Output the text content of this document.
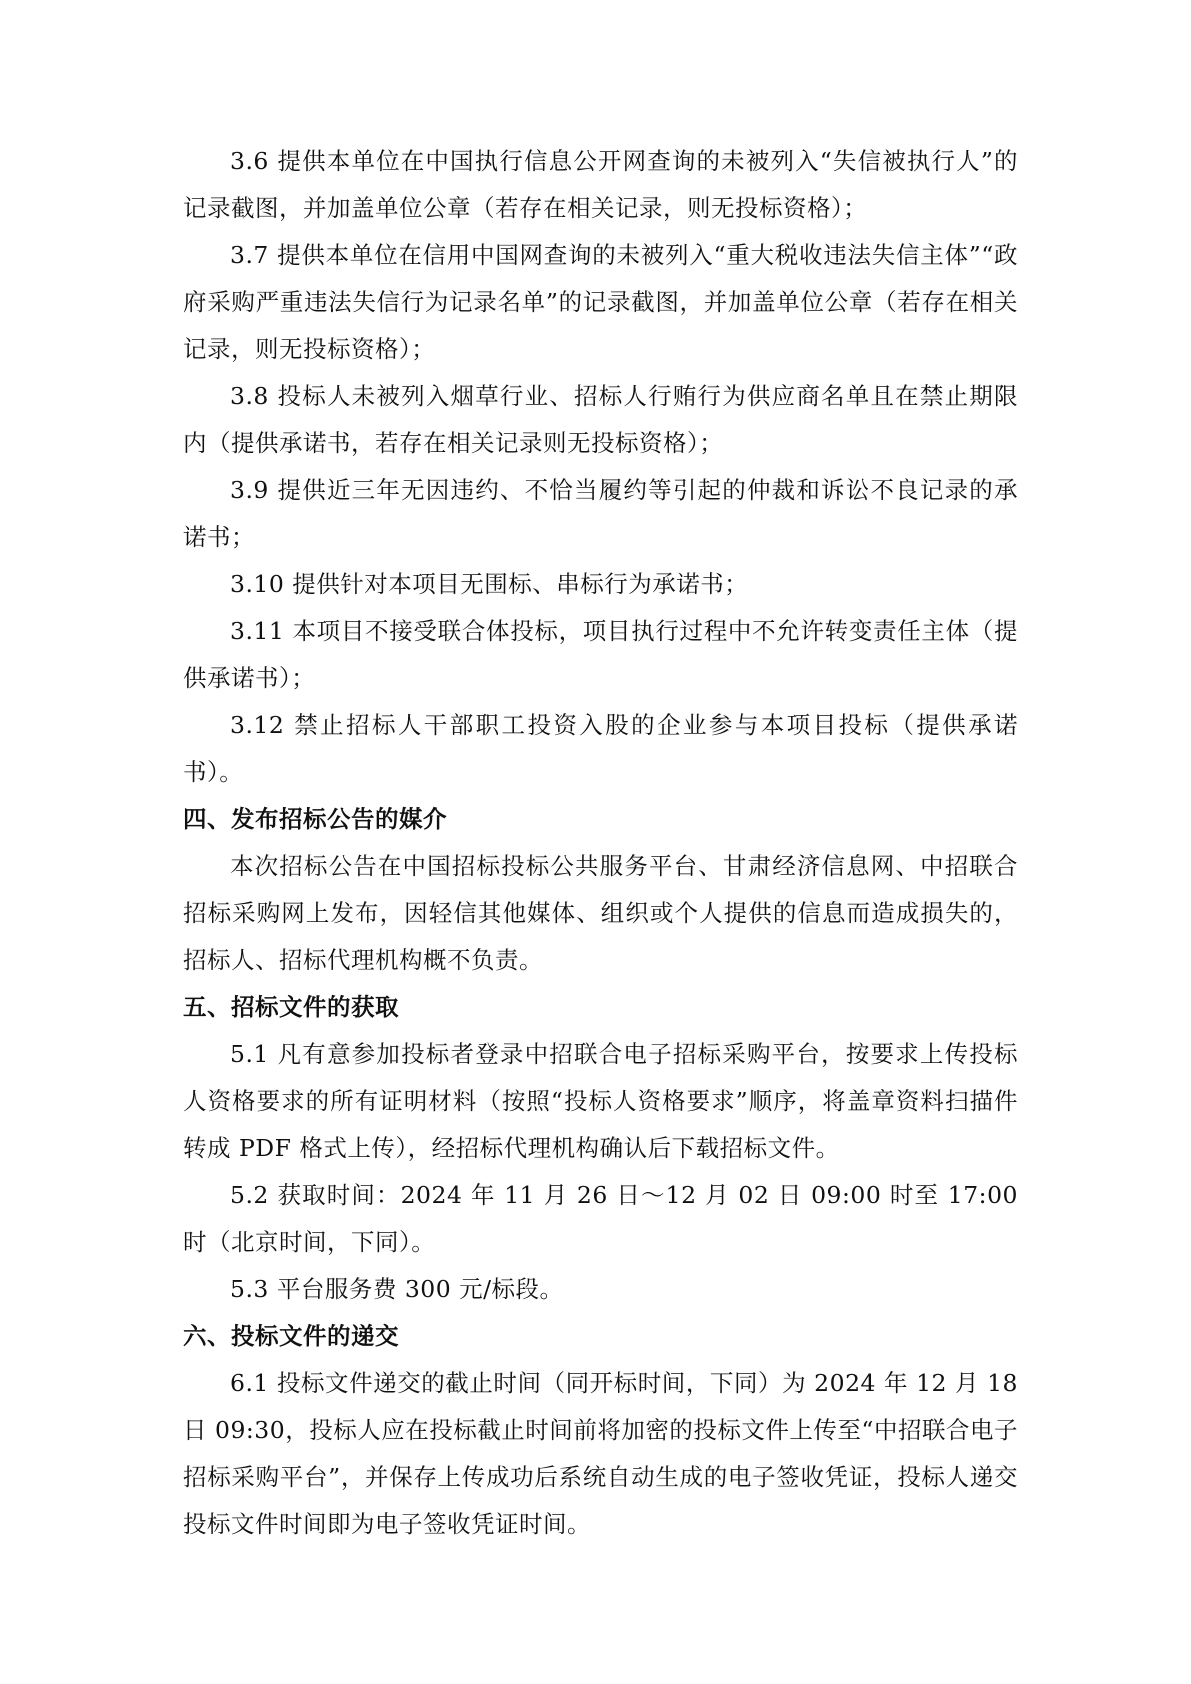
3.6 提供本单位在中国执行信息公开网查询的未被列入“失信被执行人”的记录截图，并加盖单位公章（若存在相关记录，则无投标资格）；

3.7 提供本单位在信用中国网查询的未被列入“重大税收违法失信主体”“政府采购严重违法失信行为记录名单”的记录截图，并加盖单位公章（若存在相关记录，则无投标资格）；

3.8 投标人未被列入烟草行业、招标人行贿行为供应商名单且在禁止期限内（提供承诺书，若存在相关记录则无投标资格）；

3.9 提供近三年无因违约、不恰当履约等引起的仲裁和诉讼不良记录的承诺书；

3.10 提供针对本项目无围标、串标行为承诺书；

3.11 本项目不接受联合体投标，项目执行过程中不允许转变责任主体（提供承诺书）；

3.12 禁止招标人干部职工投资入股的企业参与本项目投标（提供承诺书）。

四、发布招标公告的媒介

本次招标公告在中国招标投标公共服务平台、甘肃经济信息网、中招联合招标采购网上发布，因轻信其他媒体、组织或个人提供的信息而造成损失的，招标人、招标代理机构概不负责。

五、招标文件的获取

5.1 凡有意参加投标者登录中招联合电子招标采购平台，按要求上传投标人资格要求的所有证明材料（按照“投标人资格要求”顺序，将盖章资料扫描件转成 PDF 格式上传），经招标代理机构确认后下载招标文件。

5.2 获取时间：2024 年 11 月 26 日～12 月 02 日 09:00 时至 17:00 时（北京时间，下同）。

5.3 平台服务费 300 元/标段。

六、投标文件的递交

6.1 投标文件递交的截止时间（同开标时间，下同）为 2024 年 12 月 18 日 09:30，投标人应在投标截止时间前将加密的投标文件上传至“中招联合电子招标采购平台”，并保存上传成功后系统自动生成的电子签收凭证，投标人递交投标文件时间即为电子签收凭证时间。
